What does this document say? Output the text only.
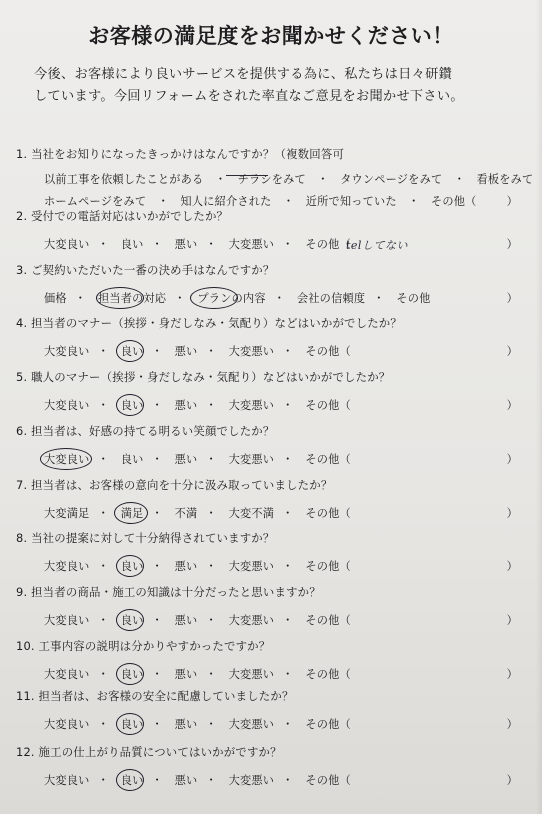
お客様の満足度をお聞かせください！
今後、お客様により良いサービスを提供する為に、私たちは日々研鑽
しています。今回リフォームをされた率直なご意見をお聞かせ下さい。
1. 当社をお知りになったきっかけはなんですか？（複数回答可
以前工事を依頼したことがある　・　チラシをみて　・　タウンページをみて　・　看板をみて
ホームページをみて　・　知人に紹介された　・　近所で知っていた　・　その他（	）
2. 受付での電話対応はいかがでしたか？
大変良い ・ 良い ・ 悪い ・ 大変悪い ・ その他（
telしてない	）
3. ご契約いただいた一番の決め手はなんですか？
価格 ・ 担当者の対応 ・ プランの内容 ・ 会社の信頼度 ・ その他	）
4. 担当者のマナー（挨拶・身だしなみ・気配り）などはいかがでしたか？
大変良い ・ 良い ・ 悪い ・ 大変悪い ・ その他（	）
5. 職人のマナー（挨拶・身だしなみ・気配り）などはいかがでしたか？
大変良い ・ 良い ・ 悪い ・ 大変悪い ・ その他（	）
6. 担当者は、好感の持てる明るい笑顔でしたか？
大変良い ・ 良い ・ 悪い ・ 大変悪い ・ その他（	）
7. 担当者は、お客様の意向を十分に汲み取っていましたか？
大変満足 ・ 満足 ・ 不満 ・ 大変不満 ・ その他（	）
8. 当社の提案に対して十分納得されていますか？
大変良い ・ 良い ・ 悪い ・ 大変悪い ・ その他（	）
9. 担当者の商品・施工の知識は十分だったと思いますか？
大変良い ・ 良い ・ 悪い ・ 大変悪い ・ その他（	）
10. 工事内容の説明は分かりやすかったですか？
大変良い ・ 良い ・ 悪い ・ 大変悪い ・ その他（	）
11. 担当者は、お客様の安全に配慮していましたか？
大変良い ・ 良い ・ 悪い ・ 大変悪い ・ その他（	）
12. 施工の仕上がり品質についてはいかがですか？
大変良い ・ 良い ・ 悪い ・ 大変悪い ・ その他（	）
